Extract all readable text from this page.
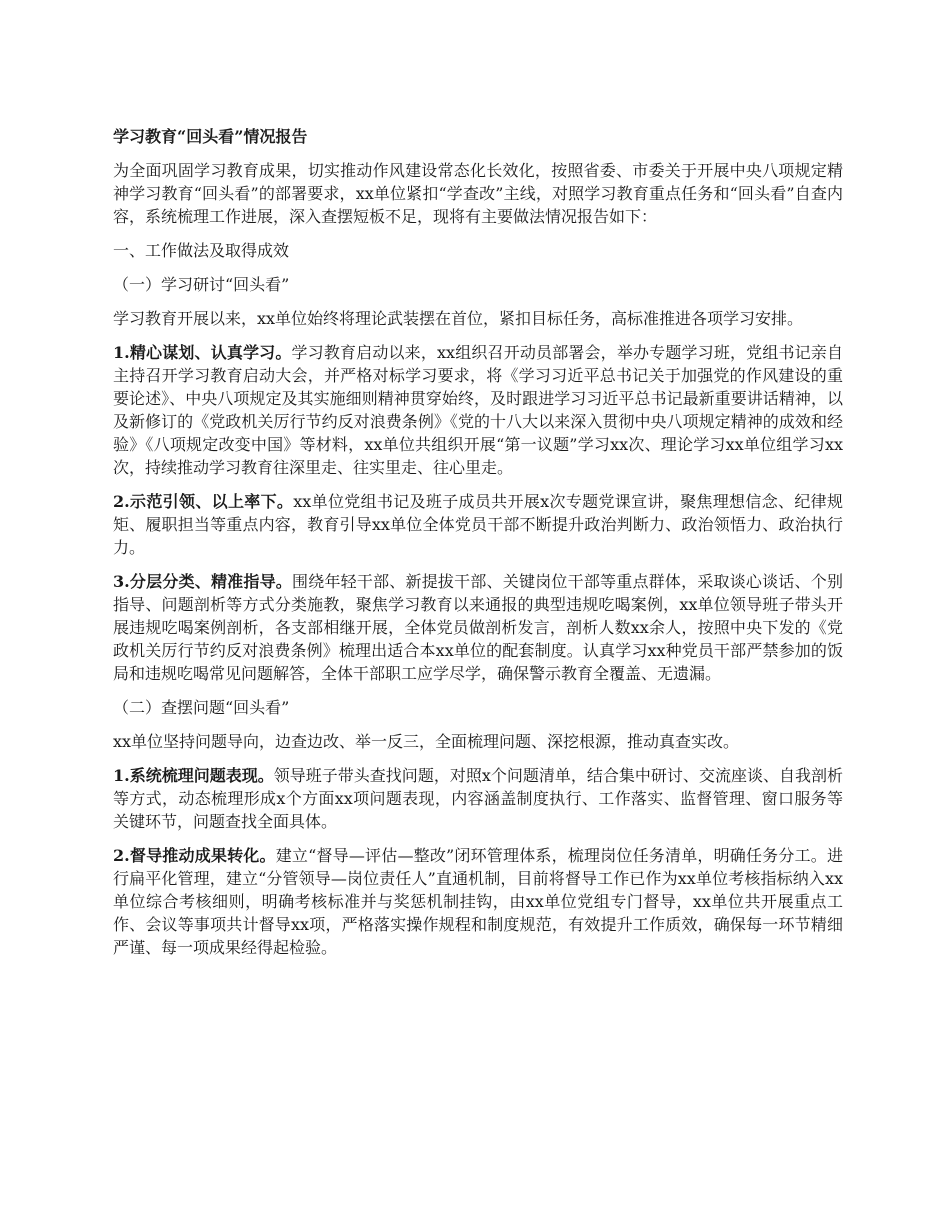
学习教育“回头看”情况报告

为全面巩固学习教育成果，切实推动作风建设常态化长效化，按照省委、市委关于开展中央八项规定精神学习教育“回头看”的部署要求，xx单位紧扣“学查改”主线，对照学习教育重点任务和“回头看”自查内容，系统梳理工作进展，深入查摆短板不足，现将有主要做法情况报告如下：

一、工作做法及取得成效

（一）学习研讨“回头看”

学习教育开展以来，xx单位始终将理论武装摆在首位，紧扣目标任务，高标准推进各项学习安排。

1.精心谋划、认真学习。学习教育启动以来，xx组织召开动员部署会，举办专题学习班，党组书记亲自主持召开学习教育启动大会，并严格对标学习要求，将《学习习近平总书记关于加强党的作风建设的重要论述》、中央八项规定及其实施细则精神贯穿始终，及时跟进学习习近平总书记最新重要讲话精神，以及新修订的《党政机关厉行节约反对浪费条例》《党的十八大以来深入贯彻中央八项规定精神的成效和经验》《八项规定改变中国》等材料，xx单位共组织开展“第一议题”学习xx次、理论学习xx单位组学习xx次，持续推动学习教育往深里走、往实里走、往心里走。

2.示范引领、以上率下。xx单位党组书记及班子成员共开展x次专题党课宣讲，聚焦理想信念、纪律规矩、履职担当等重点内容，教育引导xx单位全体党员干部不断提升政治判断力、政治领悟力、政治执行力。

3.分层分类、精准指导。围绕年轻干部、新提拔干部、关键岗位干部等重点群体，采取谈心谈话、个别指导、问题剖析等方式分类施教，聚焦学习教育以来通报的典型违规吃喝案例，xx单位领导班子带头开展违规吃喝案例剖析，各支部相继开展，全体党员做剖析发言，剖析人数xx余人，按照中央下发的《党政机关厉行节约反对浪费条例》梳理出适合本xx单位的配套制度。认真学习xx种党员干部严禁参加的饭局和违规吃喝常见问题解答，全体干部职工应学尽学，确保警示教育全覆盖、无遗漏。

（二）查摆问题“回头看”

xx单位坚持问题导向，边查边改、举一反三，全面梳理问题、深挖根源，推动真查实改。

1.系统梳理问题表现。领导班子带头查找问题，对照x个问题清单，结合集中研讨、交流座谈、自我剖析等方式，动态梳理形成x个方面xx项问题表现，内容涵盖制度执行、工作落实、监督管理、窗口服务等关键环节，问题查找全面具体。

2.督导推动成果转化。建立“督导—评估—整改”闭环管理体系，梳理岗位任务清单，明确任务分工。进行扁平化管理，建立“分管领导—岗位责任人”直通机制，目前将督导工作已作为xx单位考核指标纳入xx单位综合考核细则，明确考核标准并与奖惩机制挂钩，由xx单位党组专门督导，xx单位共开展重点工作、会议等事项共计督导xx项，严格落实操作规程和制度规范，有效提升工作质效，确保每一环节精细严谨、每一项成果经得起检验。
